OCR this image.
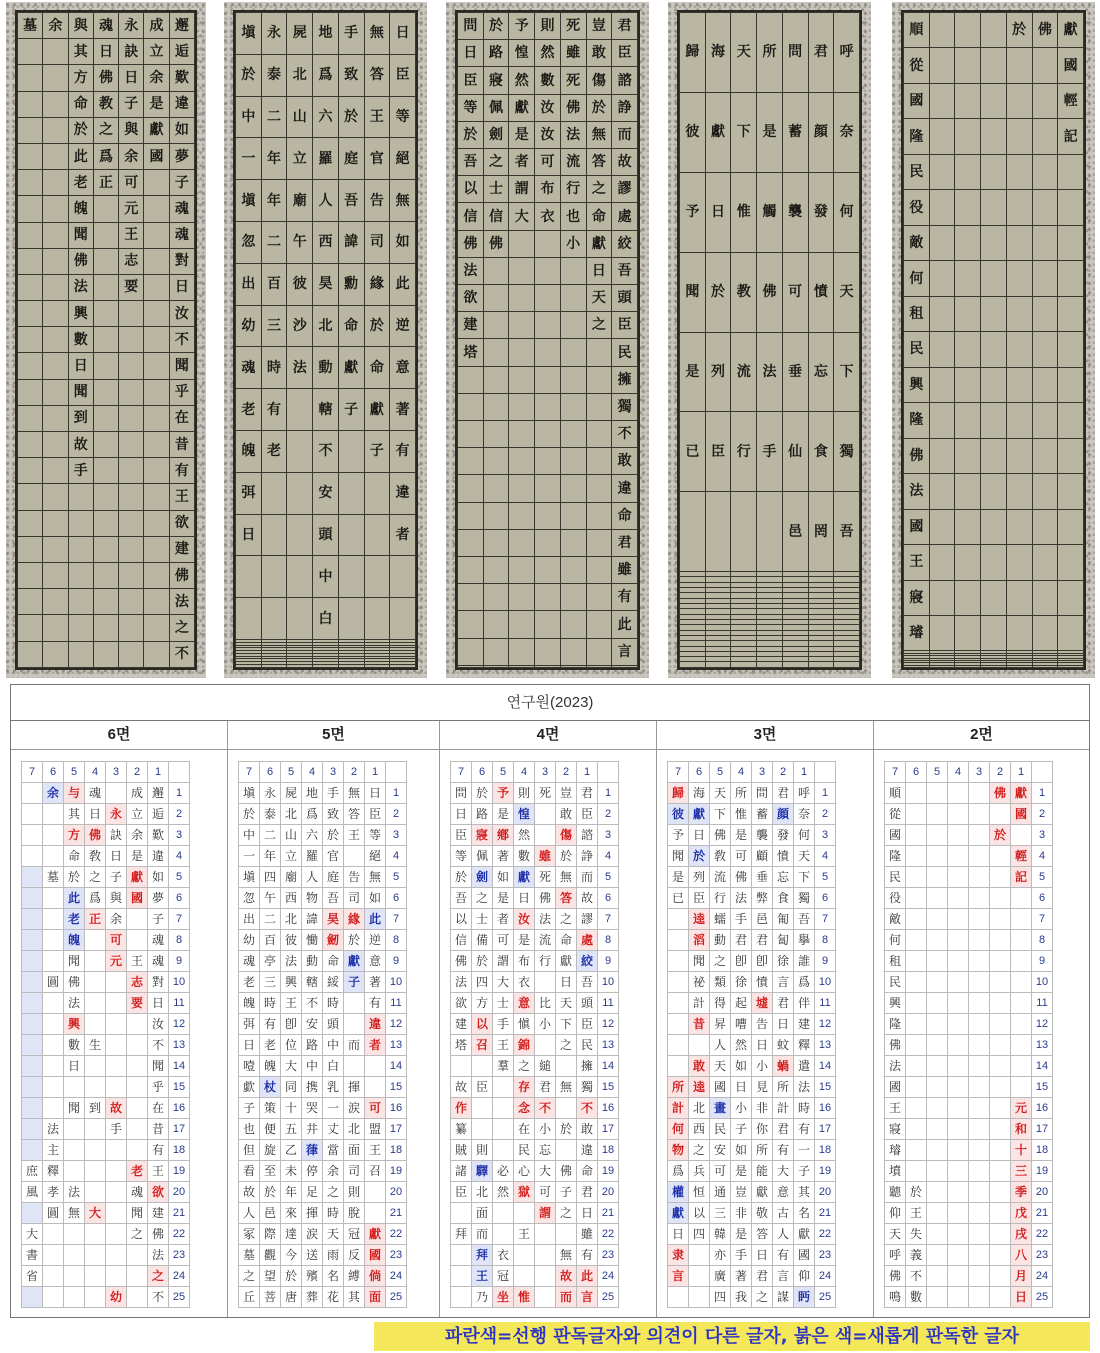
墓	余	與	魂	永	成	邂
		其	日	訣	立	逅
		方	佛	日	余	歎
		命	教	子	是	違
		於	之	與	獻	如
		此	爲	余	國	夢
		老	正	可		子
		魄		元		魂
		聞		王		魂
		佛		志		對
		法		要		日
		興				汝
		數				不
		日				聞
		聞				乎
		到				在
		故				昔
		手				有
						王
						欲
						建
						佛
						法
						之
						不
塡	永	屍	地	手	無	日
於	泰	北	爲	致	答	臣
中	二	山	六	於	王	等
一	年	立	羅	庭	官	絕
塡	年	廟	人	吾	告	無
忽	二	午	西	諱	司	如
出	百	彼	昊	勳	緣	此
幼	三	沙	北	命	於	逆
魂	時	法	動	獻	命	意
老	有		轄	子	獻	著
魄	老		不		子	有
弭			安			違
日			頭			者
			中			
			白			

問	於	予	則	死	豈	君
日	路	惶	然	雖	敢	臣
臣	寢	然	數	死	傷	諮
等	佩	獻	汝	佛	於	諍
於	劍	是	汝	法	無	而
吾	之	者	可	流	答	故
以	士	謂	布	行	之	謬
信	信	大	衣	也	命	處
佛	佛			小	獻	絞
法					日	吾
欲					天	頭
建					之	臣
塔						民
						擁
						獨
						不
						敢
						違
						命
						君
						雖
						有
						此
						言

歸	海	天	所	問	君	呼
彼	獻	下	是	蓄	顔	奈
予	日	惟	觸	襲	發	何
聞	於	教	佛	可	憤	天
是	列	流	法	垂	忘	下
已	臣	行	手	仙	食	獨
				邑	罔	吾

順				於	佛	獻
從						國
國						輕
隆						記
民						
役						
敵						
何						
租						
民						
興						
隆						
佛						
法						
國						
王						
寢						
璿						

연구원(2023)
6면
7	6	5	4	3	2	1	
	余	与	魂		成	邂	1
		其	日	永	立	逅	2
		方	佛	訣	余	歎	3
		命	敎	日	是	違	4
	墓	於	之	子	獻	如	5
		此	爲	與	國	夢	6
		老	正	余		子	7
		魄		可		魂	8
		聞		元	王	魂	9
	圓	佛			志	對	10
		法			要	日	11
		興				汝	12
		數	生			不	13
		日				聞	14
						乎	15
		聞	到	故		在	16
	法			手		昔	17
	主					有	18
庶	釋				老	王	19
風	孝	法			魂	欲	20
	圓	無	大		聞	建	21
大					之	佛	22
書						法	23
省						之	24
				幼		不	25
5면
7	6	5	4	3	2	1	
塡	永	屍	地	手	無	日	1
於	泰	北	爲	致	答	臣	2
中	二	山	六	於	王	等	3
一	年	立	羅	官		絕	4
塡	四	廟	人	庭	告	無	5
忽	午	西	物	吾	司	如	6
出	二	北	諱	昊	緣	此	7
幼	百	彼	慟	劒	於	逆	8
魂	亭	法	動	命	獻	意	9
老	三	興	轄	綏	子	著	10
魄	時	王	不	時		有	11
弭	有	卽	安	頭		違	12
日	老	位	路	中	而	者	13
噎	魄	大	中	白			14
歔	杖	同	携	乳	揮		15
子	策	十	哭	一	涙	可	16
也	便	五	井	丈	北	盟	17
但	旋	乙	葎	當	面	王	18
看	至	未	停	余	司	召	19
故	於	年	足	之	則		20
人	邑	來	揮	時	脫		21
冢	際	達	涙	天	冠	獻	22
墓	觀	今	送	雨	反	國	23
之	望	於	殯	名	縛	倘	24
丘	菩	唐	葬	花	其	面	25
4면
7	6	5	4	3	2	1	
問	於	予	則	死	豈	君	1
日	路	是	惶		敢	臣	2
臣	寢	鄕	然		傷	諮	3
等	佩	著	數	雖	於	諍	4
於	劍	如	獻	死	無	而	5
吾	之	是	日	佛	答	故	6
以	士	者	汝	法	之	謬	7
信	備	可	是	流	命	處	8
佛	於	謂	布	行	獻	絞	9
法	四	大	衣		日	吾	10
欲	方	士	意	比	天	頭	11
建	以	手	愼	小	下	臣	12
塔	召	王	錦		之	民	13
		羣	之	縋		擁	14
故	臣		存	君	無	獨	15
作			念	不		不	16
纂			在	小	於	敢	17
賊	則		民	忘		違	18
諸	驛	必	心	大	佛	命	19
臣	北	然	獄	可	子	君	20
	面			謂	之	日	21
拜	而		王			雖	22
	拜	衣			無	有	23
	王	冠			故	此	24
	乃	坐	惟		而	言	25
3면
7	6	5	4	3	2	1	
歸	海	天	所	問	君	呼	1
彼	獻	下	惟	蓄	顔	奈	2
予	日	佛	是	襲	發	何	3
聞	於	敎	可	顧	憤	天	4
是	列	流	佛	垂	忘	下	5
已	臣	行	法	弊	食	獨	6
	逵	蠕	手	邑	匍	吾	7
	滔	動	君	君	匐	擧	8
	聞	之	卽	卽	徐	誰	9
	祕	類	徐	憤	言	爲	10
	計	得	起	墟	君	伴	11
	昔	昇	嘈	告	日	建	12
		人	然	日	蚊	釋	13
	敢	天	如	小	蝸	遣	14
所	逵	國	日	見	所	法	15
計	北	畫	小	非	計	時	16
何	西	民	子	你	君	有	17
物	之	安	如	所	有	一	18
爲	兵	可	是	能	大	子	19
權	恒	通	豈	獻	意	其	20
獻	以	三	非	敬	古	名	21
日	四	韓	是	答	人	獻	22
隶		亦	手	日	有	國	23
言		廣	著	君	言	仰	24
		四	我	之	謀	眄	25
2면
7	6	5	4	3	2	1	
順					佛	獻	1
從						國	2
國					於		3
隆						輕	4
民						記	5
役							6
敵							7
何							8
租							9
民							10
興							11
隆							12
佛							13
法							14
國							15
王						元	16
寢						和	17
璿						十	18
墳						三	19
聽	於					季	20
仰	王					戊	21
天	失					戌	22
呼	義					八	23
佛	不					月	24
鳴	數					日	25
파란색=선행 판독글자와 의견이 다른 글자, 붉은 색=새롭게 판독한 글자
